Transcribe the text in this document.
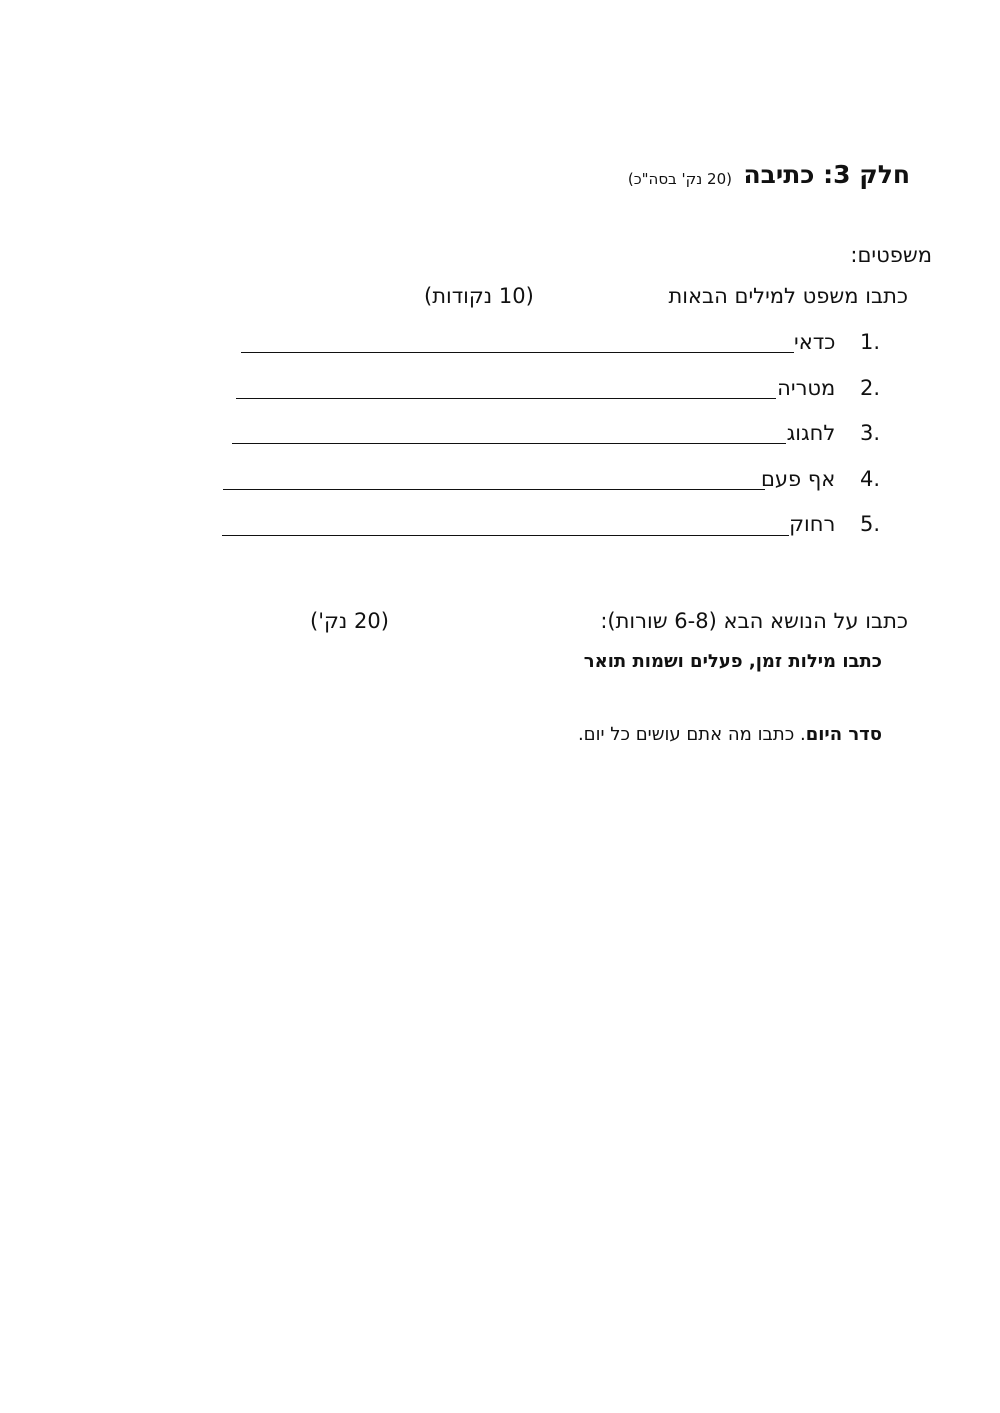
חלק 3: כתיבה
(20 נק' בסה"כ)
משפטים:
כתבו משפט למילים הבאות
(10 נקודות)
1. כדאי
2. מטריה
3. לחגוג
4. אף פעם
5. רחוק
כתבו על הנושא הבא (6-8 שורות):
(20 נק')
כתבו מילות זמן, פעלים ושמות תואר
סדר היום. כתבו מה אתם עושים כל יום.
